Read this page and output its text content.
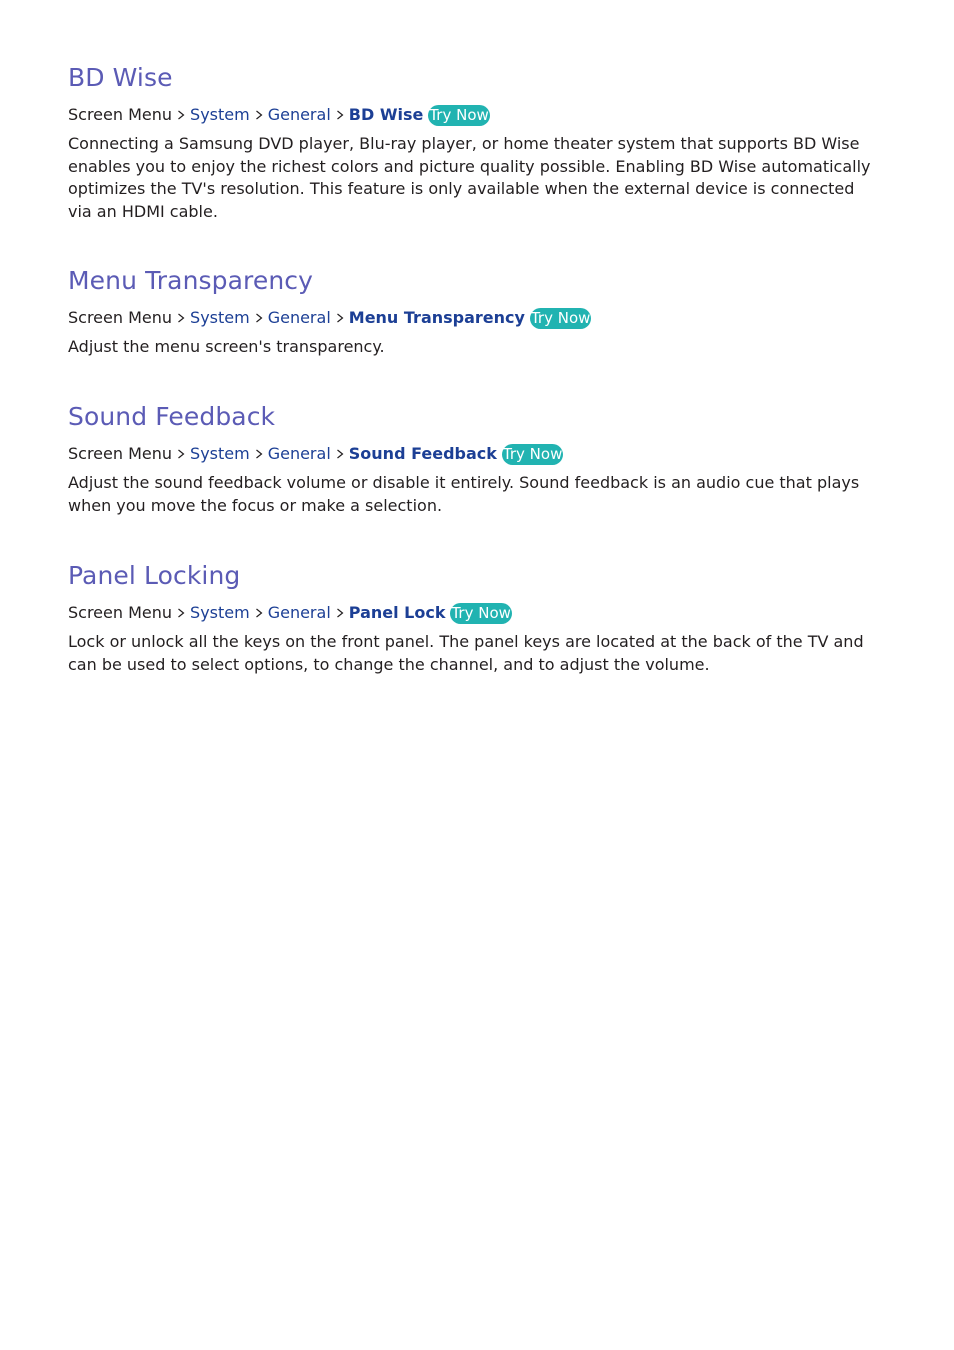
BD Wise
Screen Menu System General BD Wise Try Now

Connecting a Samsung DVD player, Blu-ray player, or home theater system that supports BD Wise enables you to enjoy the richest colors and picture quality possible. Enabling BD Wise automatically optimizes the TV's resolution. This feature is only available when the external device is connected via an HDMI cable.

Menu Transparency
Screen Menu System General Menu Transparency Try Now

Adjust the menu screen's transparency.

Sound Feedback
Screen Menu System General Sound Feedback Try Now

Adjust the sound feedback volume or disable it entirely. Sound feedback is an audio cue that plays when you move the focus or make a selection.

Panel Locking
Screen Menu System General Panel Lock Try Now

Lock or unlock all the keys on the front panel. The panel keys are located at the back of the TV and can be used to select options, to change the channel, and to adjust the volume.
